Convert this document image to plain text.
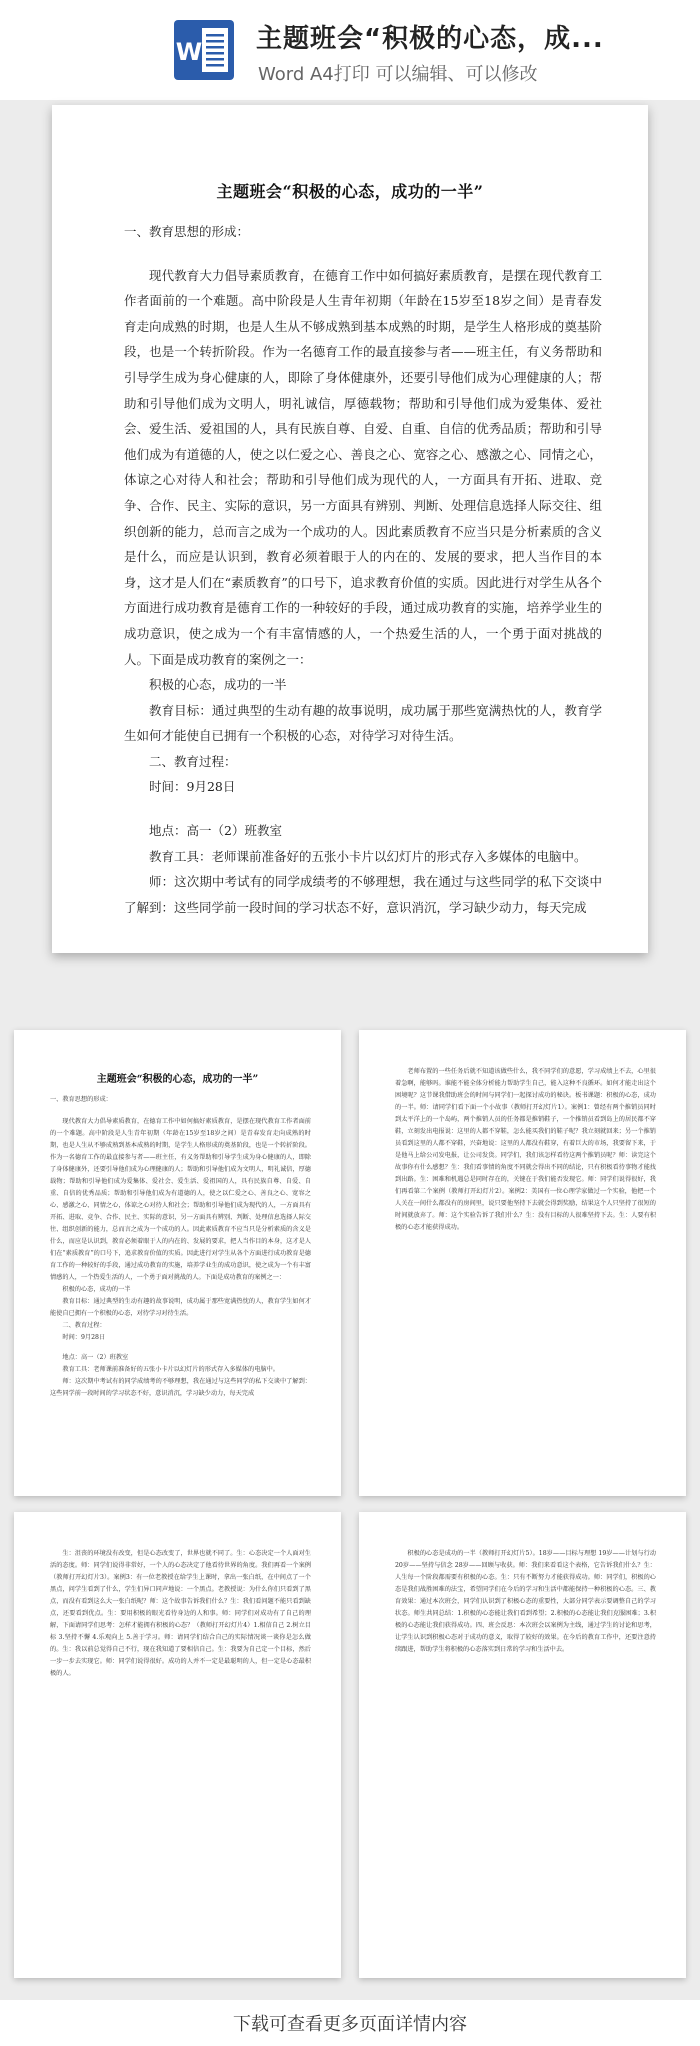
W 主题班会“积极的心态，成...
Word A4打印 可以编辑、可以修改
主题班会“积极的心态，成功的一半”

一、教育思想的形成：

现代教育大力倡导素质教育，在德育工作中如何搞好素质教育，是摆在现代教育工作者面前的一个难题。高中阶段是人生青年初期（年龄在15岁至18岁之间）是青春发育走向成熟的时期，也是人生从不够成熟到基本成熟的时期，是学生人格形成的奠基阶段，也是一个转折阶段。作为一名德育工作的最直接参与者——班主任，有义务帮助和引导学生成为身心健康的人，即除了身体健康外，还要引导他们成为心理健康的人；帮助和引导他们成为文明人，明礼诚信，厚德载物；帮助和引导他们成为爱集体、爱社会、爱生活、爱祖国的人，具有民族自尊、自爱、自重、自信的优秀品质；帮助和引导他们成为有道德的人，使之以仁爱之心、善良之心、宽容之心、感激之心、同情之心，体谅之心对待人和社会；帮助和引导他们成为现代的人，一方面具有开拓、进取、竞争、合作、民主、实际的意识，另一方面具有辨别、判断、处理信息选择人际交往、组织创新的能力，总而言之成为一个成功的人。因此素质教育不应当只是分析素质的含义是什么，而应是认识到，教育必须着眼于人的内在的、发展的要求，把人当作目的本身，这才是人们在“素质教育”的口号下，追求教育价值的实质。因此进行对学生从各个方面进行成功教育是德育工作的一种较好的手段，通过成功教育的实施，培养学业生的成功意识，使之成为一个有丰富情感的人，一个热爱生活的人，一个勇于面对挑战的人。下面是成功教育的案例之一：

积极的心态，成功的一半

教育目标：通过典型的生动有趣的故事说明，成功属于那些宽满热忱的人，教育学生如何才能使自已拥有一个积极的心态，对待学习对待生活。

二、教育过程：

时间：9月28日

地点：高一（2）班教室

教育工具：老师课前准备好的五张小卡片以幻灯片的形式存入多媒体的电脑中。

师：这次期中考试有的同学成绩考的不够理想，我在通过与这些同学的私下交谈中了解到：这些同学前一段时间的学习状态不好，意识消沉，学习缺少动力，每天完成

主题班会“积极的心态，成功的一半”

一、教育思想的形成：

现代教育大力倡导素质教育，在德育工作中如何搞好素质教育，是摆在现代教育工作者面前的一个难题。高中阶段是人生青年初期（年龄在15岁至18岁之间）是青春发育走向成熟的时期，也是人生从不够成熟到基本成熟的时期，是学生人格形成的奠基阶段，也是一个转折阶段。作为一名德育工作的最直接参与者——班主任，有义务帮助和引导学生成为身心健康的人，即除了身体健康外，还要引导他们成为心理健康的人；帮助和引导他们成为文明人，明礼诚信，厚德载物；帮助和引导他们成为爱集体、爱社会、爱生活、爱祖国的人，具有民族自尊、自爱、自重、自信的优秀品质；帮助和引导他们成为有道德的人，使之以仁爱之心、善良之心、宽容之心、感激之心、同情之心，体谅之心对待人和社会；帮助和引导他们成为现代的人，一方面具有开拓、进取、竞争、合作、民主、实际的意识，另一方面具有辨别、判断、处理信息选择人际交往、组织创新的能力，总而言之成为一个成功的人。因此素质教育不应当只是分析素质的含义是什么，而应是认识到，教育必须着眼于人的内在的、发展的要求，把人当作目的本身，这才是人们在“素质教育”的口号下，追求教育价值的实质。因此进行对学生从各个方面进行成功教育是德育工作的一种较好的手段，通过成功教育的实施，培养学业生的成功意识，使之成为一个有丰富情感的人，一个热爱生活的人，一个勇于面对挑战的人。下面是成功教育的案例之一：

积极的心态，成功的一半

教育目标：通过典型的生动有趣的故事说明，成功属于那些宽满热忱的人，教育学生如何才能使自已拥有一个积极的心态，对待学习对待生活。

二、教育过程：

时间：9月28日

地点：高一（2）班教室

教育工具：老师课前准备好的五张小卡片以幻灯片的形式存入多媒体的电脑中。

师：这次期中考试有的同学成绩考的不够理想，我在通过与这些同学的私下交谈中了解到：这些同学前一段时间的学习状态不好，意识消沉，学习缺少动力，每天完成

老师布置的一些任务后就不知道该做些什么，我不同学们的意愿，学习成绩上不去，心里很着急啊，能够吗。谁能不能全体分析能力帮助学生自己，能入这种不良循环。如何才能走出这个困境呢？这节课我借助班会的时间与同学们一起探讨成功的秘诀。板书课题：积极的心态，成功的一半。师：请同学们看下面一个小故事（教师打开幻灯片1）。案例1：曾经有两个推销员同时到太平洋上的一个岛屿，两个推销人员的任务都是推销鞋子，一个推销员看到岛上的居民都不穿鞋，立刻发出电报说：这里的人都不穿鞋，怎么能买我们的鞋子呢？我立刻就回来；另一个推销员看到这里的人都不穿鞋，兴奋地说：这里的人都没有鞋穿，有着巨大的市场，我要留下来，于是他马上给公司发电报，让公司发货。同学们，我们该怎样看待这两个推销员呢？师：读完这个故事你有什么感想？生：我们看事情的角度不同就会得出不同的结论，只有积极看待事物才能找到出路。生：困难和机遇总是同时存在的，关键在于我们能否发现它。师：同学们说得很好，我们再看第二个案例（教师打开幻灯片2）。案例2：美国有一位心理学家做过一个实验，他把一个人关在一间什么都没有的房间里，说只要他坚持下去就会得到奖励，结果这个人只坚持了很短的时间就放弃了。师：这个实验告诉了我们什么？生：没有目标的人很难坚持下去。生：人要有积极的心态才能获得成功。

生：沮丧的环境没有改变，但是心态改变了，世界也就不同了。生：心态决定一个人面对生活的态度。师：同学们说得非常好，一个人的心态决定了他看待世界的角度。我们再看一个案例（教师打开幻灯片3）。案例3：有一位老教授在给学生上课时，拿出一张白纸，在中间点了一个黑点，问学生看到了什么，学生们异口同声地说：一个黑点。老教授说：为什么你们只看到了黑点，而没有看到这么大一张白纸呢？师：这个故事告诉我们什么？生：我们看问题不能只看到缺点，还要看到优点。生：要用积极的眼光看待身边的人和事。师：同学们对成功有了自己的理解，下面请同学们思考：怎样才能拥有积极的心态？（教师打开幻灯片4）1.相信自己 2.树立目标 3.坚持不懈 4.乐观向上 5.善于学习。师：请同学们结合自己的实际情况谈一谈你是怎么做的。生：我以前总觉得自己不行，现在我知道了要相信自己。生：我要为自己定一个目标，然后一步一步去实现它。师：同学们说得很好。成功的人并不一定是最聪明的人，但一定是心态最积极的人。

积极的心态是成功的一半（教师打开幻灯片5）。18岁——目标与理想 19岁——计划与行动 20岁——坚持与信念 28岁——回顾与收获。师：我们来看看这个表格，它告诉我们什么？生：人生每一个阶段都需要有积极的心态。生：只有不断努力才能获得成功。师：同学们，积极的心态是我们战胜困难的法宝，希望同学们在今后的学习和生活中都能保持一种积极的心态。三、教育效果：通过本次班会，同学们认识到了积极心态的重要性，大部分同学表示要调整自己的学习状态。师生共同总结：1.积极的心态能让我们看到希望；2.积极的心态能让我们克服困难；3.积极的心态能让我们获得成功。四、班会反思：本次班会以案例为主线，通过学生的讨论和思考，让学生认识到积极心态对于成功的意义，取得了较好的效果。在今后的教育工作中，还要注意持续跟进，帮助学生将积极的心态落实到日常的学习和生活中去。

下载可查看更多页面详情内容
